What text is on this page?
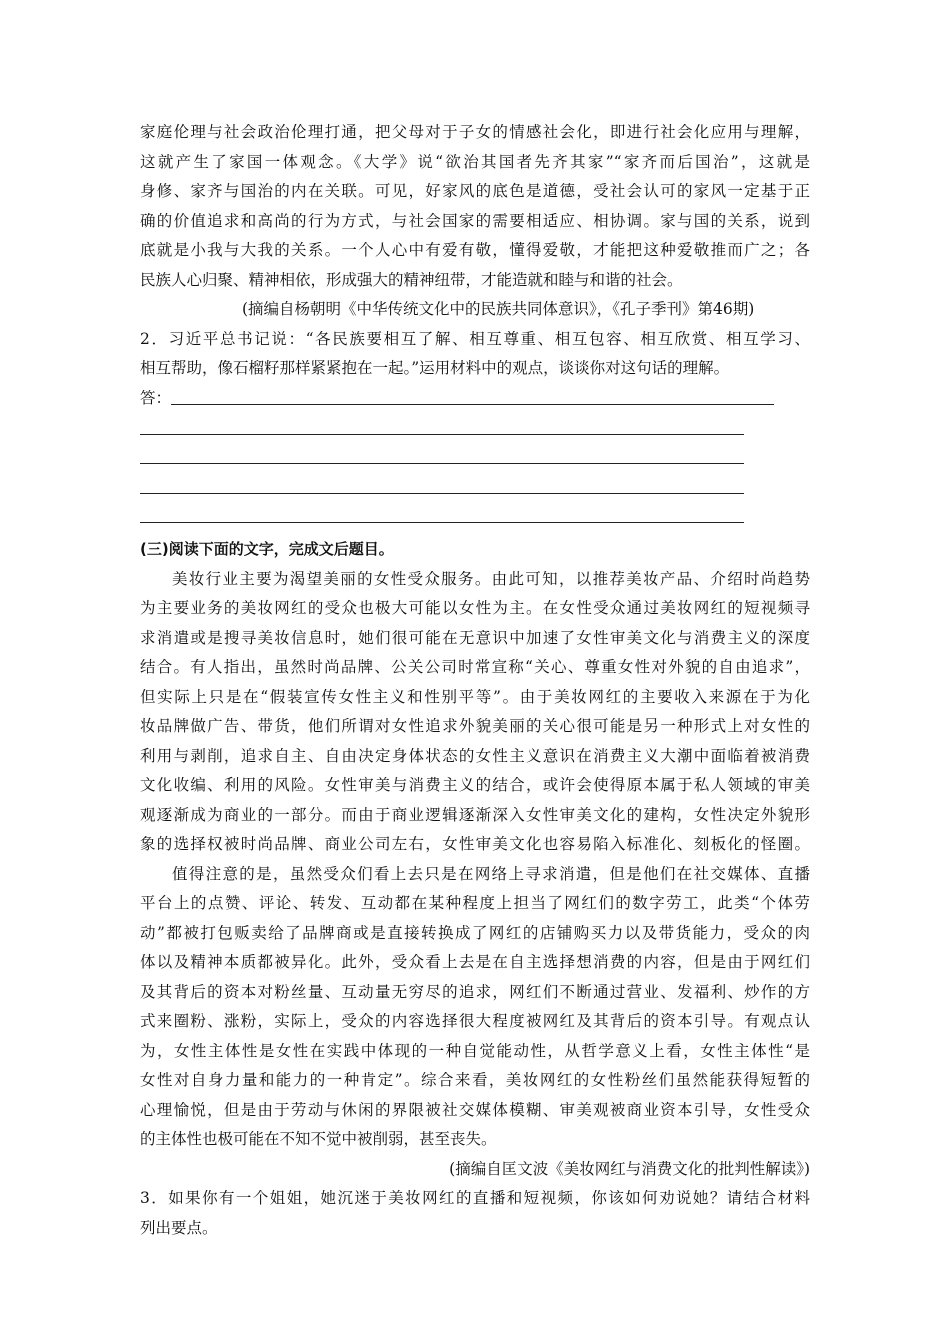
家庭伦理与社会政治伦理打通，把父母对于子女的情感社会化，即进行社会化应用与理解，
这就产生了家国一体观念。《大学》说“欲治其国者先齐其家”“家齐而后国治”，这就是
身修、家齐与国治的内在关联。可见，好家风的底色是道德，受社会认可的家风一定基于正
确的价值追求和高尚的行为方式，与社会国家的需要相适应、相协调。家与国的关系，说到
底就是小我与大我的关系。一个人心中有爱有敬，懂得爱敬，才能把这种爱敬推而广之；各
民族人心归聚、精神相依，形成强大的精神纽带，才能造就和睦与和谐的社会。
(摘编自杨朝明《中华传统文化中的民族共同体意识》，《孔子季刊》第46期)
2．习近平总书记说：“各民族要相互了解、相互尊重、相互包容、相互欣赏、相互学习、
相互帮助，像石榴籽那样紧紧抱在一起。”运用材料中的观点，谈谈你对这句话的理解。
答：
(三)阅读下面的文字，完成文后题目。
美妆行业主要为渴望美丽的女性受众服务。由此可知，以推荐美妆产品、介绍时尚趋势
为主要业务的美妆网红的受众也极大可能以女性为主。在女性受众通过美妆网红的短视频寻
求消遣或是搜寻美妆信息时，她们很可能在无意识中加速了女性审美文化与消费主义的深度
结合。有人指出，虽然时尚品牌、公关公司时常宣称“关心、尊重女性对外貌的自由追求”，
但实际上只是在“假装宣传女性主义和性别平等”。由于美妆网红的主要收入来源在于为化
妆品牌做广告、带货，他们所谓对女性追求外貌美丽的关心很可能是另一种形式上对女性的
利用与剥削，追求自主、自由决定身体状态的女性主义意识在消费主义大潮中面临着被消费
文化收编、利用的风险。女性审美与消费主义的结合，或许会使得原本属于私人领域的审美
观逐渐成为商业的一部分。而由于商业逻辑逐渐深入女性审美文化的建构，女性决定外貌形
象的选择权被时尚品牌、商业公司左右，女性审美文化也容易陷入标准化、刻板化的怪圈。
值得注意的是，虽然受众们看上去只是在网络上寻求消遣，但是他们在社交媒体、直播
平台上的点赞、评论、转发、互动都在某种程度上担当了网红们的数字劳工，此类“个体劳
动”都被打包贩卖给了品牌商或是直接转换成了网红的店铺购买力以及带货能力，受众的肉
体以及精神本质都被异化。此外，受众看上去是在自主选择想消费的内容，但是由于网红们
及其背后的资本对粉丝量、互动量无穷尽的追求，网红们不断通过营业、发福利、炒作的方
式来圈粉、涨粉，实际上，受众的内容选择很大程度被网红及其背后的资本引导。有观点认
为，女性主体性是女性在实践中体现的一种自觉能动性，从哲学意义上看，女性主体性“是
女性对自身力量和能力的一种肯定”。综合来看，美妆网红的女性粉丝们虽然能获得短暂的
心理愉悦，但是由于劳动与休闲的界限被社交媒体模糊、审美观被商业资本引导，女性受众
的主体性也极可能在不知不觉中被削弱，甚至丧失。
(摘编自匡文波《美妆网红与消费文化的批判性解读》)
3．如果你有一个姐姐，她沉迷于美妆网红的直播和短视频，你该如何劝说她？请结合材料
列出要点。
